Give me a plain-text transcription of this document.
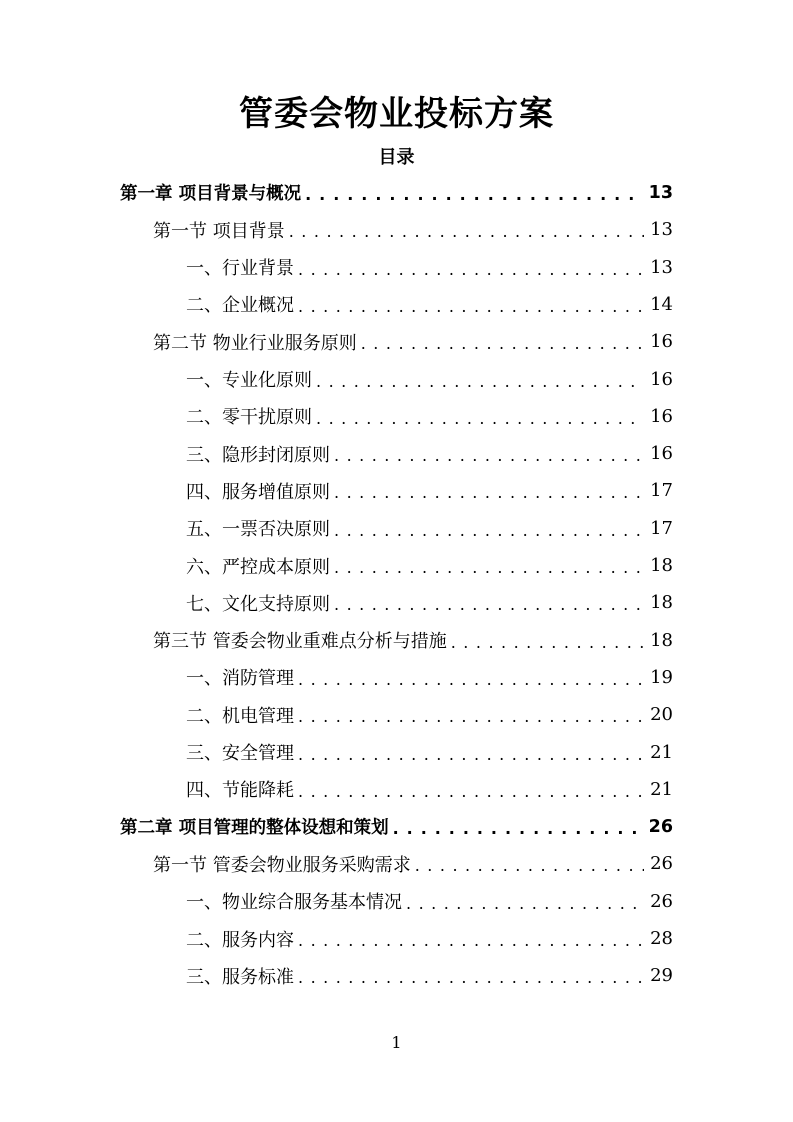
管委会物业投标方案
目录
第一章 项目背景与概况 . . .	13
第一节 项目背景 . . .	13
一、行业背景 . . .	13
二、企业概况 . . .	14
第二节 物业行业服务原则 . . .	16
一、专业化原则 . . .	16
二、零干扰原则 . . .	16
三、隐形封闭原则 . . .	16
四、服务增值原则 . . .	17
五、一票否决原则 . . .	17
六、严控成本原则 . . .	18
七、文化支持原则 . . .	18
第三节 管委会物业重难点分析与措施 . . .	18
一、消防管理 . . .	19
二、机电管理 . . .	20
三、安全管理 . . .	21
四、节能降耗 . . .	21
第二章 项目管理的整体设想和策划 . . .	26
第一节 管委会物业服务采购需求 . . .	26
一、物业综合服务基本情况 . . .	26
二、服务内容 . . .	28
三、服务标准 . . .	29
1
